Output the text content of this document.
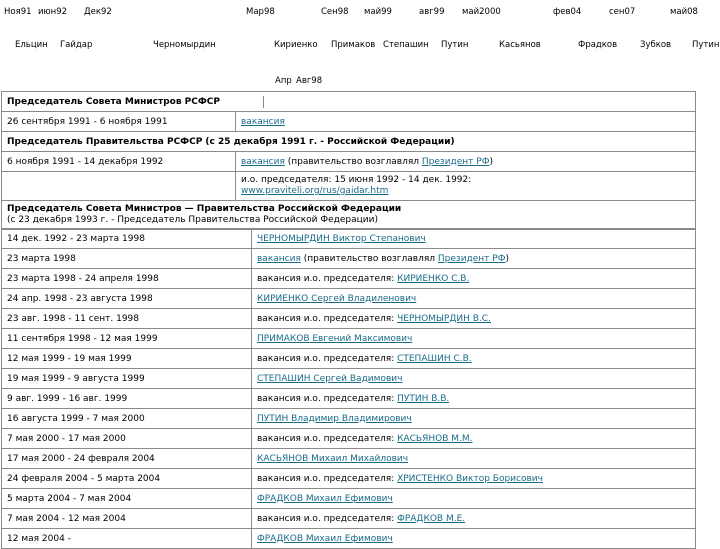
Ноя91 июн92 Дек92	Мар98	Сен98 май99	авг99 май2000	фев04	сен07	май08
Ельцин Гайдар	Черномырдин	Кириенко Примаков Степашин Путин	Касьянов	Фрадков	Зубков Путин
Апр Авг98
Председатель Совета Министров РСФСР	
26 сентября 1991 - 6 ноября 1991	вакансия
Председатель Правительства РСФСР (с 25 декабря 1991 г. - Российской Федерации)	
6 ноября 1991 - 14 декабря 1992	вакансия (правительство возглавлял Президент РФ)

	и.о. председателя: 15 июня 1992 - 14 дек. 1992:
www.praviteli.org/rus/gaidar.htm

Председатель Совета Министров — Правительства Российской Федерации
(с 23 декабря 1993 г. - Председатель Правительства Российской Федерации)	
14 дек. 1992 - 23 марта 1998	ЧЕРНОМЫРДИН Виктор Степанович
23 марта 1998	вакансия (правительство возглавлял Президент РФ)
23 марта 1998 - 24 апреля 1998	вакансия и.о. председателя: КИРИЕНКО С.В.
24 апр. 1998 - 23 августа 1998	КИРИЕНКО Сергей Владиленович
23 авг. 1998 - 11 сент. 1998	вакансия и.о. председателя: ЧЕРНОМЫРДИН В.С.
11 сентября 1998 - 12 мая 1999	ПРИМАКОВ Евгений Максимович
12 мая 1999 - 19 мая 1999	вакансия и.о. председателя: СТЕПАШИН С.В.
19 мая 1999 - 9 августа 1999	СТЕПАШИН Сергей Вадимович
9 авг. 1999 - 16 авг. 1999	вакансия и.о. председателя: ПУТИН В.В.
16 августа 1999 - 7 мая 2000	ПУТИН Владимир Владимирович
7 мая 2000 - 17 мая 2000	вакансия и.о. председателя: КАСЬЯНОВ М.М.
17 мая 2000 - 24 февраля 2004	КАСЬЯНОВ Михаил Михайлович
24 февраля 2004 - 5 марта 2004	вакансия и.о. председателя: ХРИСТЕНКО Виктор Борисович
5 марта 2004 - 7 мая 2004	ФРАДКОВ Михаил Ефимович
7 мая 2004 - 12 мая 2004	вакансия и.о. председателя: ФРАДКОВ М.Е.
12 мая 2004 -	ФРАДКОВ Михаил Ефимович
